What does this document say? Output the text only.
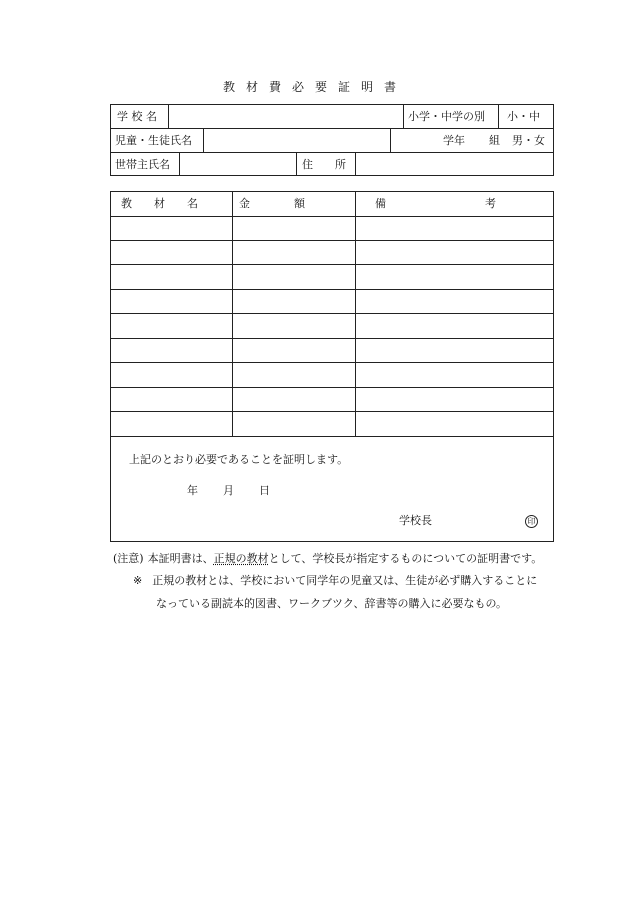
教材費必要証明書
学 校 名	小学・中学の別 小・中
児童・生徒氏名	学年 組 男・女
世帯主氏名	住　　所
教　　材　　名	金　　　　額	備　　　　　　　　　考
上記のとおり必要であることを証明します。
年 月 日
学校長	印
(注意) 本証明書は、正規の教材として、学校長が指定するものについての証明書です。
※ 正規の教材とは、学校において同学年の児童又は、生徒が必ず購入することに
なっている副読本的図書、ワークブツク、辞書等の購入に必要なもの。
